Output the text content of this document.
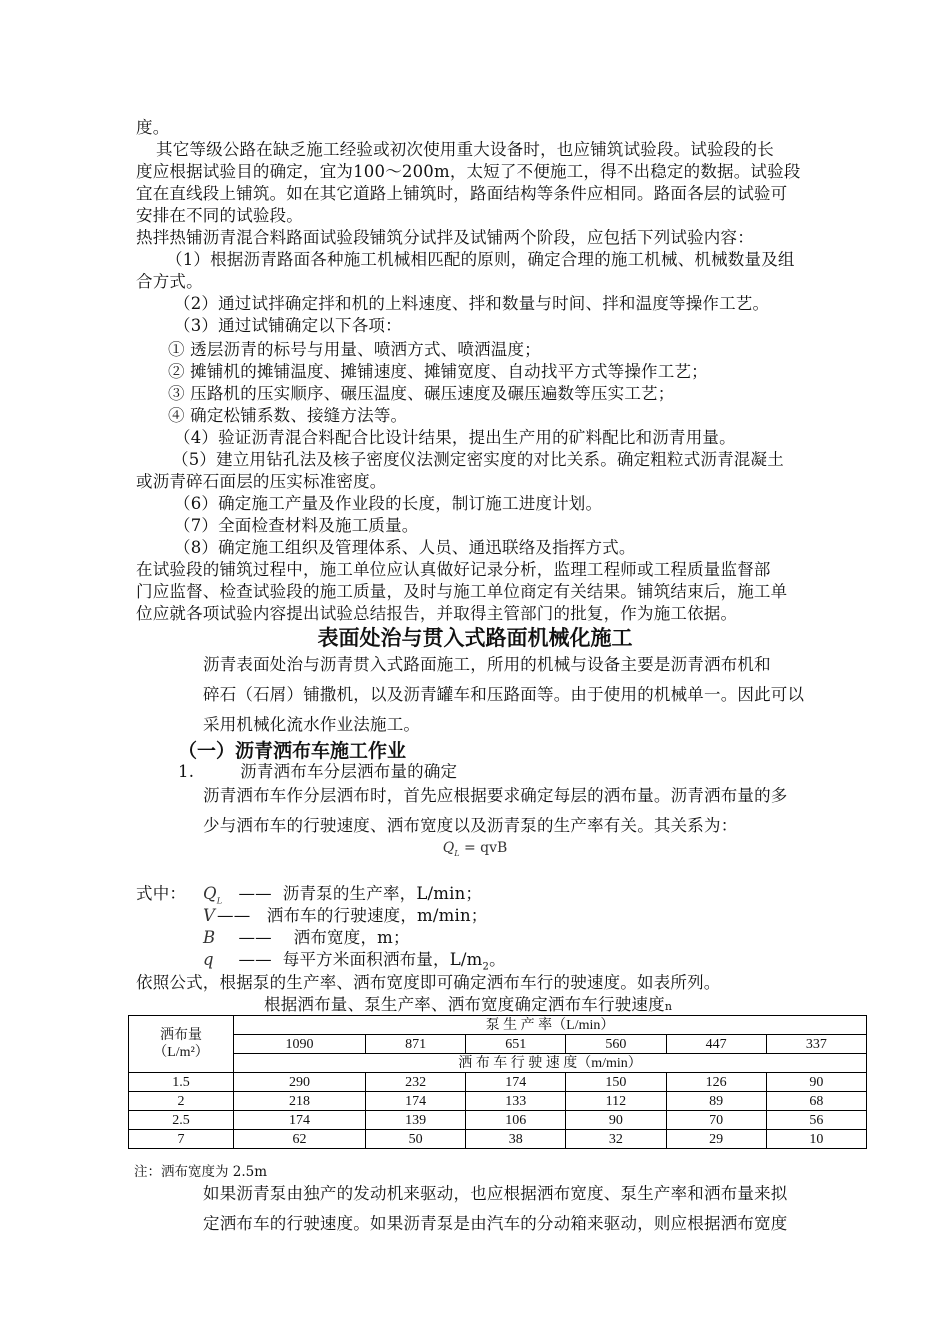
度。
其它等级公路在缺乏施工经验或初次使用重大设备时，也应铺筑试验段。试验段的长
度应根据试验目的确定，宜为100～200m，太短了不便施工，得不出稳定的数据。试验段
宜在直线段上铺筑。如在其它道路上铺筑时，路面结构等条件应相同。路面各层的试验可
安排在不同的试验段。
热拌热铺沥青混合料路面试验段铺筑分试拌及试铺两个阶段，应包括下列试验内容：
（1）根据沥青路面各种施工机械相匹配的原则，确定合理的施工机械、机械数量及组
合方式。
（2）通过试拌确定拌和机的上料速度、拌和数量与时间、拌和温度等操作工艺。
（3）通过试铺确定以下各项：
① 透层沥青的标号与用量、喷洒方式、喷洒温度；
② 摊铺机的摊铺温度、摊铺速度、摊铺宽度、自动找平方式等操作工艺；
③ 压路机的压实顺序、碾压温度、碾压速度及碾压遍数等压实工艺；
④ 确定松铺系数、接缝方法等。
（4）验证沥青混合料配合比设计结果，提出生产用的矿料配比和沥青用量。
（5）建立用钻孔法及核子密度仪法测定密实度的对比关系。确定粗粒式沥青混凝土
或沥青碎石面层的压实标准密度。
（6）确定施工产量及作业段的长度，制订施工进度计划。
（7）全面检查材料及施工质量。
（8）确定施工组织及管理体系、人员、通迅联络及指挥方式。
在试验段的铺筑过程中，施工单位应认真做好记录分析，监理工程师或工程质量监督部
门应监督、检查试验段的施工质量，及时与施工单位商定有关结果。铺筑结束后，施工单
位应就各项试验内容提出试验总结报告，并取得主管部门的批复，作为施工依据。
表面处治与贯入式路面机械化施工
沥青表面处治与沥青贯入式路面施工，所用的机械与设备主要是沥青洒布机和
碎石（石屑）铺撒机，以及沥青罐车和压路面等。由于使用的机械单一。因此可以
采用机械化流水作业法施工。
（一）沥青洒布车施工作业
1.	沥青洒布车分层洒布量的确定
沥青洒布车作分层洒布时，首先应根据要求确定每层的洒布量。沥青洒布量的多
少与洒布车的行驶速度、洒布宽度以及沥青泵的生产率有关。其关系为：
$Q_L$ = qvB
式中： $Q_L$ —— 沥青泵的生产率，L/min；
V —— 洒布车的行驶速度，m/min；
B —— 洒布宽度，m；
q —— 每平方米面积洒布量，$L/m_2$。
依照公式，根据泵的生产率、洒布宽度即可确定洒布车行的驶速度。如表所列。
根据洒布量、泵生产率、洒布宽度确定洒布车行驶速度n
洒布量
（L/m²）	泵 生 产 率（L/min）					
	1090	871	651	560	447	337
	洒 布 车 行 驶 速 度（m/min）					
1.5	290	232	174	150	126	90
2	218	174	133	112	89	68
2.5	174	139	106	90	70	56
7	62	50	38	32	29	10
注：洒布宽度为 2.5m
如果沥青泵由独产的发动机来驱动，也应根据洒布宽度、泵生产率和洒布量来拟
定洒布车的行驶速度。如果沥青泵是由汽车的分动箱来驱动，则应根据洒布宽度
